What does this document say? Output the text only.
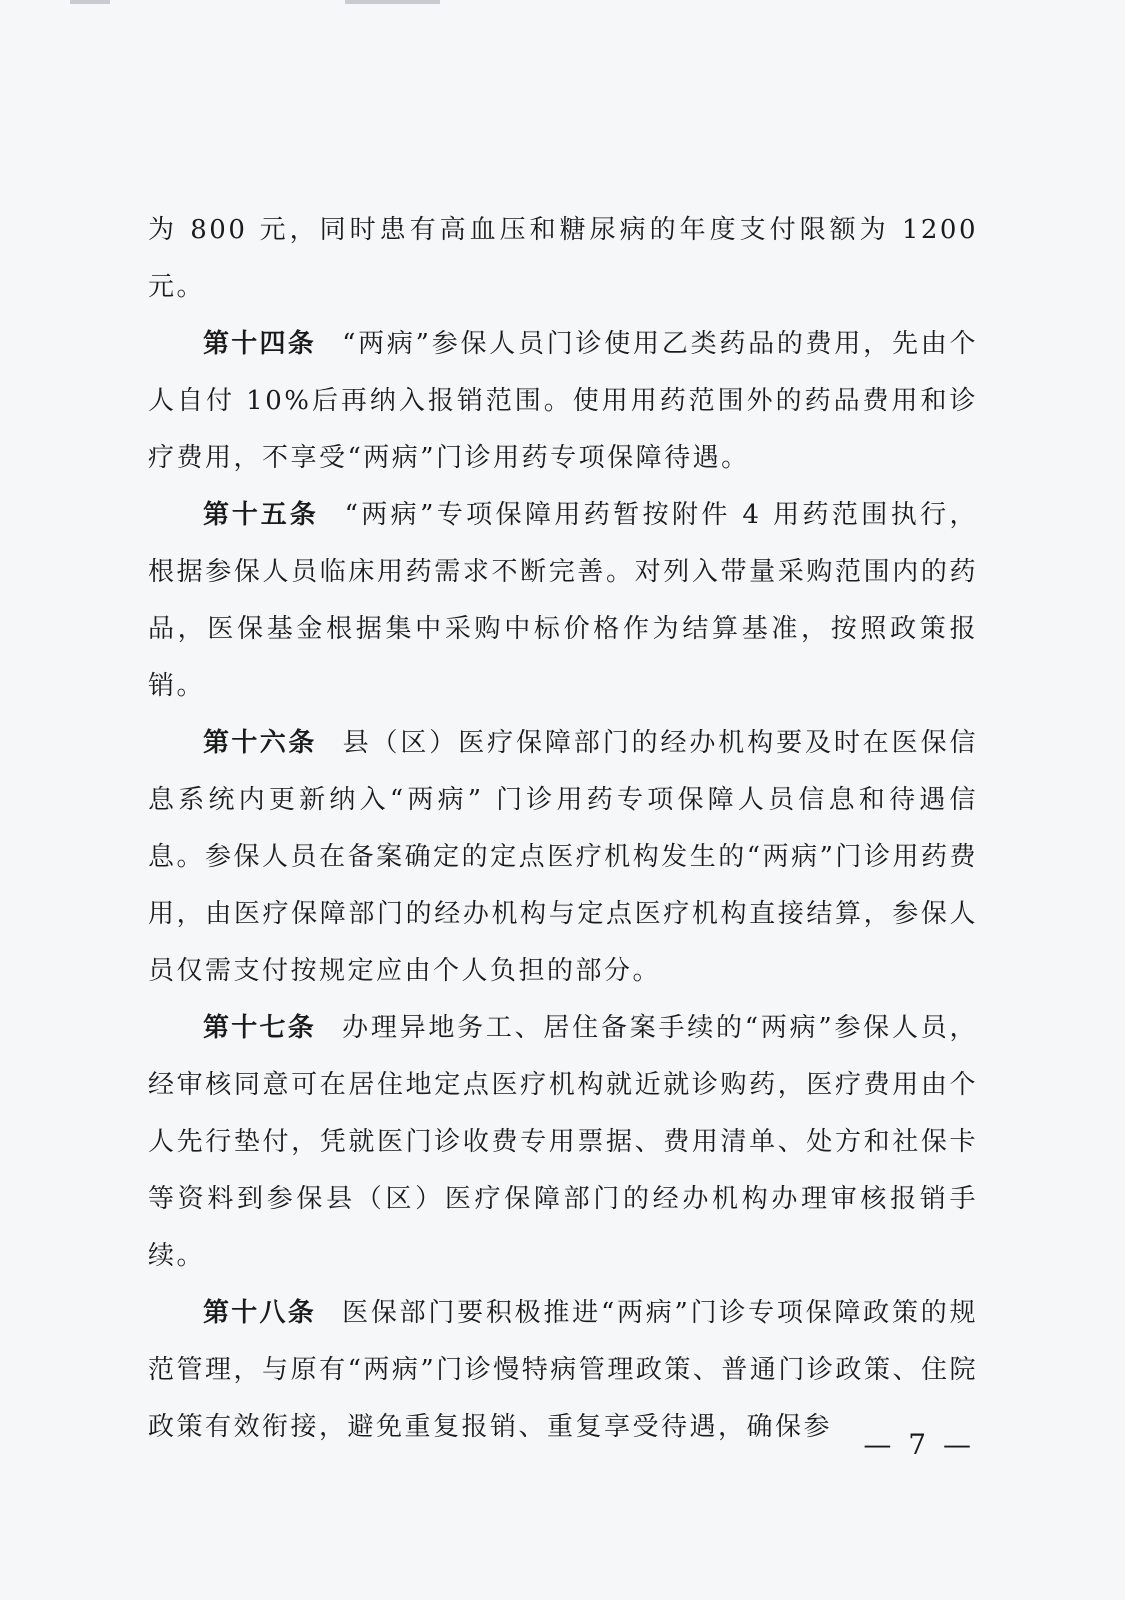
为 800 元，同时患有高血压和糖尿病的年度支付限额为 1200 元。

第十四条 “两病”参保人员门诊使用乙类药品的费用，先由个人自付 10%后再纳入报销范围。使用用药范围外的药品费用和诊疗费用，不享受“两病”门诊用药专项保障待遇。

第十五条 “两病”专项保障用药暂按附件 4 用药范围执行，根据参保人员临床用药需求不断完善。对列入带量采购范围内的药品，医保基金根据集中采购中标价格作为结算基准，按照政策报销。

第十六条 县（区）医疗保障部门的经办机构要及时在医保信息系统内更新纳入“两病” 门诊用药专项保障人员信息和待遇信息。参保人员在备案确定的定点医疗机构发生的“两病”门诊用药费用，由医疗保障部门的经办机构与定点医疗机构直接结算，参保人员仅需支付按规定应由个人负担的部分。

第十七条 办理异地务工、居住备案手续的“两病”参保人员，经审核同意可在居住地定点医疗机构就近就诊购药，医疗费用由个人先行垫付，凭就医门诊收费专用票据、费用清单、处方和社保卡等资料到参保县（区）医疗保障部门的经办机构办理审核报销手续。

第十八条 医保部门要积极推进“两病”门诊专项保障政策的规范管理，与原有“两病”门诊慢特病管理政策、普通门诊政策、住院政策有效衔接，避免重复报销、重复享受待遇，确保参

— 7 —
